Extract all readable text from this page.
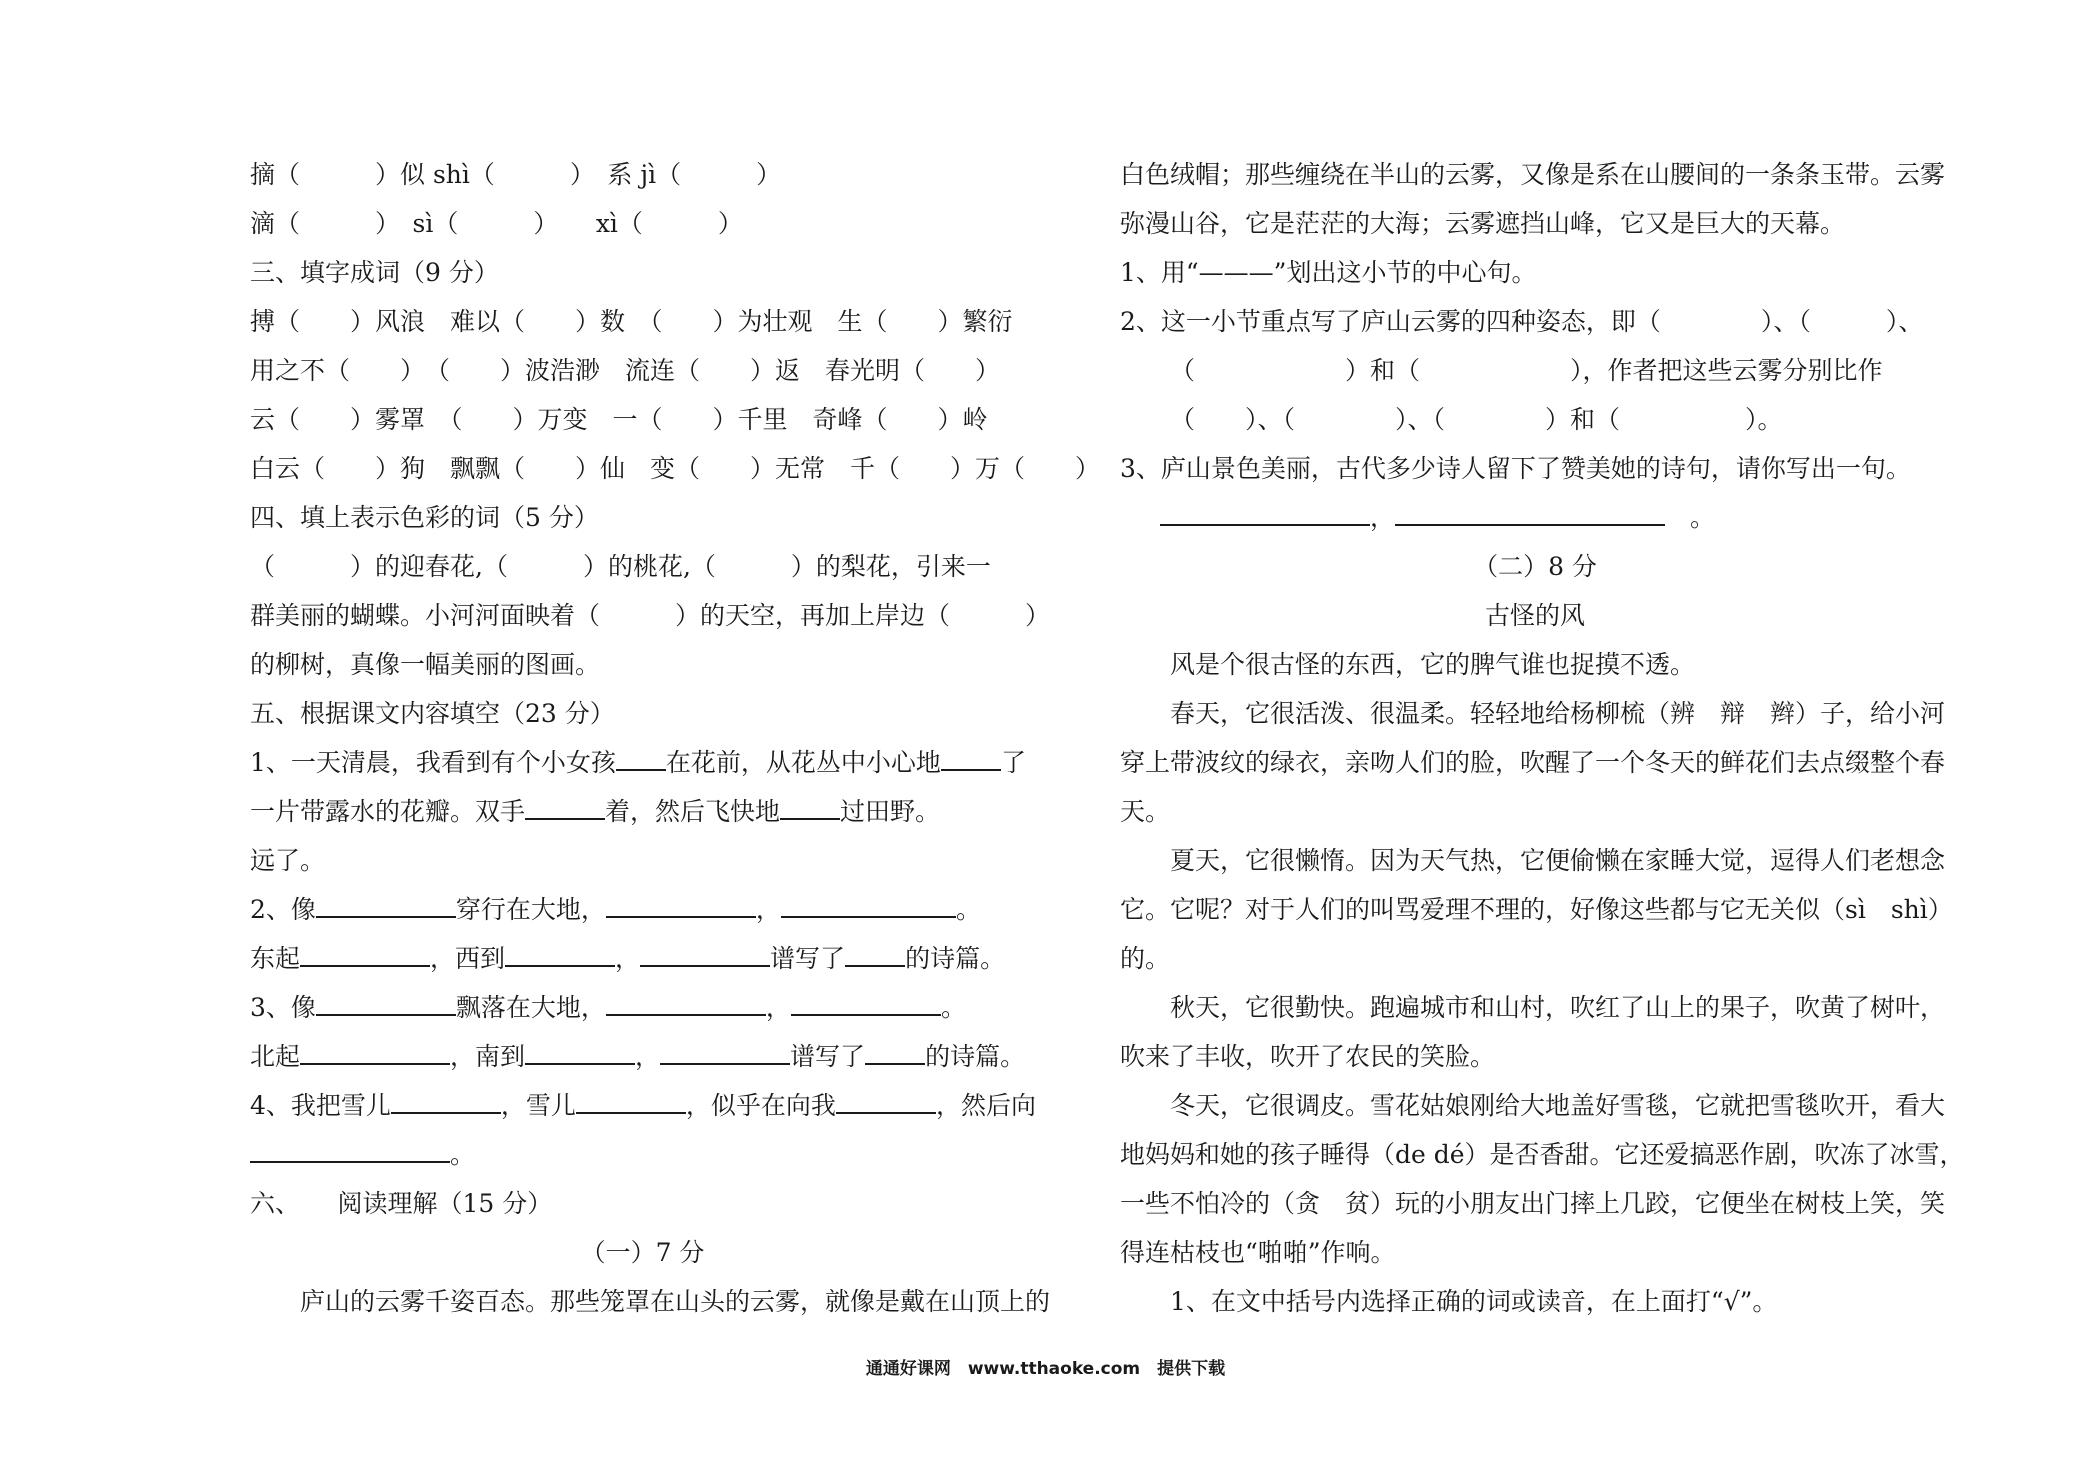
摘（　　　）似 shì（　　　）　系 jì（　　　）
滴（　　　）　sì（　　　）　　xì（　　　）
三、填字成词（9 分）
搏（　　）风浪　难以（　　）数　（　　）为壮观　生（　　）繁衍
用之不（　　）　（　　）波浩渺　流连（　　）返　春光明（　　）
云（　　）雾罩　（　　）万变　一（　　）千里　奇峰（　　）岭
白云（　　）狗　飘飘（　　）仙　变（　　）无常　千（　　）万（　　）
四、填上表示色彩的词（5 分）
（　　　）的迎春花,（　　　）的桃花,（　　　）的梨花，引来一
群美丽的蝴蝶。小河河面映着（　　　）的天空，再加上岸边（　　　）
的柳树，真像一幅美丽的图画。
五、根据课文内容填空（23 分）
1、一天清晨，我看到有个小女孩 在花前，从花丛中小心地 了
一片带露水的花瓣。双手	着，然后飞快地 过田野。
远了。
2、像	穿行在大地，	，	。
东起	，西到	，	谱写了 的诗篇。
3、像	飘落在大地，	，	。
北起	，南到	，	谱写了 的诗篇。
4、我把雪儿	，雪儿	，似乎在向我	，然后向
。
六、　　阅读理解（15 分）
（一）7 分
庐山的云雾千姿百态。那些笼罩在山头的云雾，就像是戴在山顶上的
白色绒帽；那些缠绕在半山的云雾，又像是系在山腰间的一条条玉带。云雾
弥漫山谷，它是茫茫的大海；云雾遮挡山峰，它又是巨大的天幕。
1、用“———”划出这小节的中心句。
2、这一小节重点写了庐山云雾的四种姿态，即（　　　　）、（　　　）、
（　　　　　　）和（　　　　　　），作者把这些云雾分别比作
（　　）、（　　　　）、（　　　　）和（　　　　　）。
3、庐山景色美丽，古代多少诗人留下了赞美她的诗句，请你写出一句。
，　	。
（二）8 分
古怪的风
风是个很古怪的东西，它的脾气谁也捉摸不透。
春天，它很活泼、很温柔。轻轻地给杨柳梳（辨　辩　辫）子，给小河
穿上带波纹的绿衣，亲吻人们的脸，吹醒了一个冬天的鲜花们去点缀整个春
天。
夏天，它很懒惰。因为天气热，它便偷懒在家睡大觉，逗得人们老想念
它。它呢？对于人们的叫骂爱理不理的，好像这些都与它无关似（sì　shì）
的。
秋天，它很勤快。跑遍城市和山村，吹红了山上的果子，吹黄了树叶，
吹来了丰收，吹开了农民的笑脸。
冬天，它很调皮。雪花姑娘刚给大地盖好雪毯，它就把雪毯吹开，看大
地妈妈和她的孩子睡得（de dé）是否香甜。它还爱搞恶作剧，吹冻了冰雪，
一些不怕冷的（贪　贫）玩的小朋友出门摔上几跤，它便坐在树枝上笑，笑
得连枯枝也“啪啪”作响。
1、在文中括号内选择正确的词或读音，在上面打“√”。
通通好课网　www.tthaoke.com　提供下载
